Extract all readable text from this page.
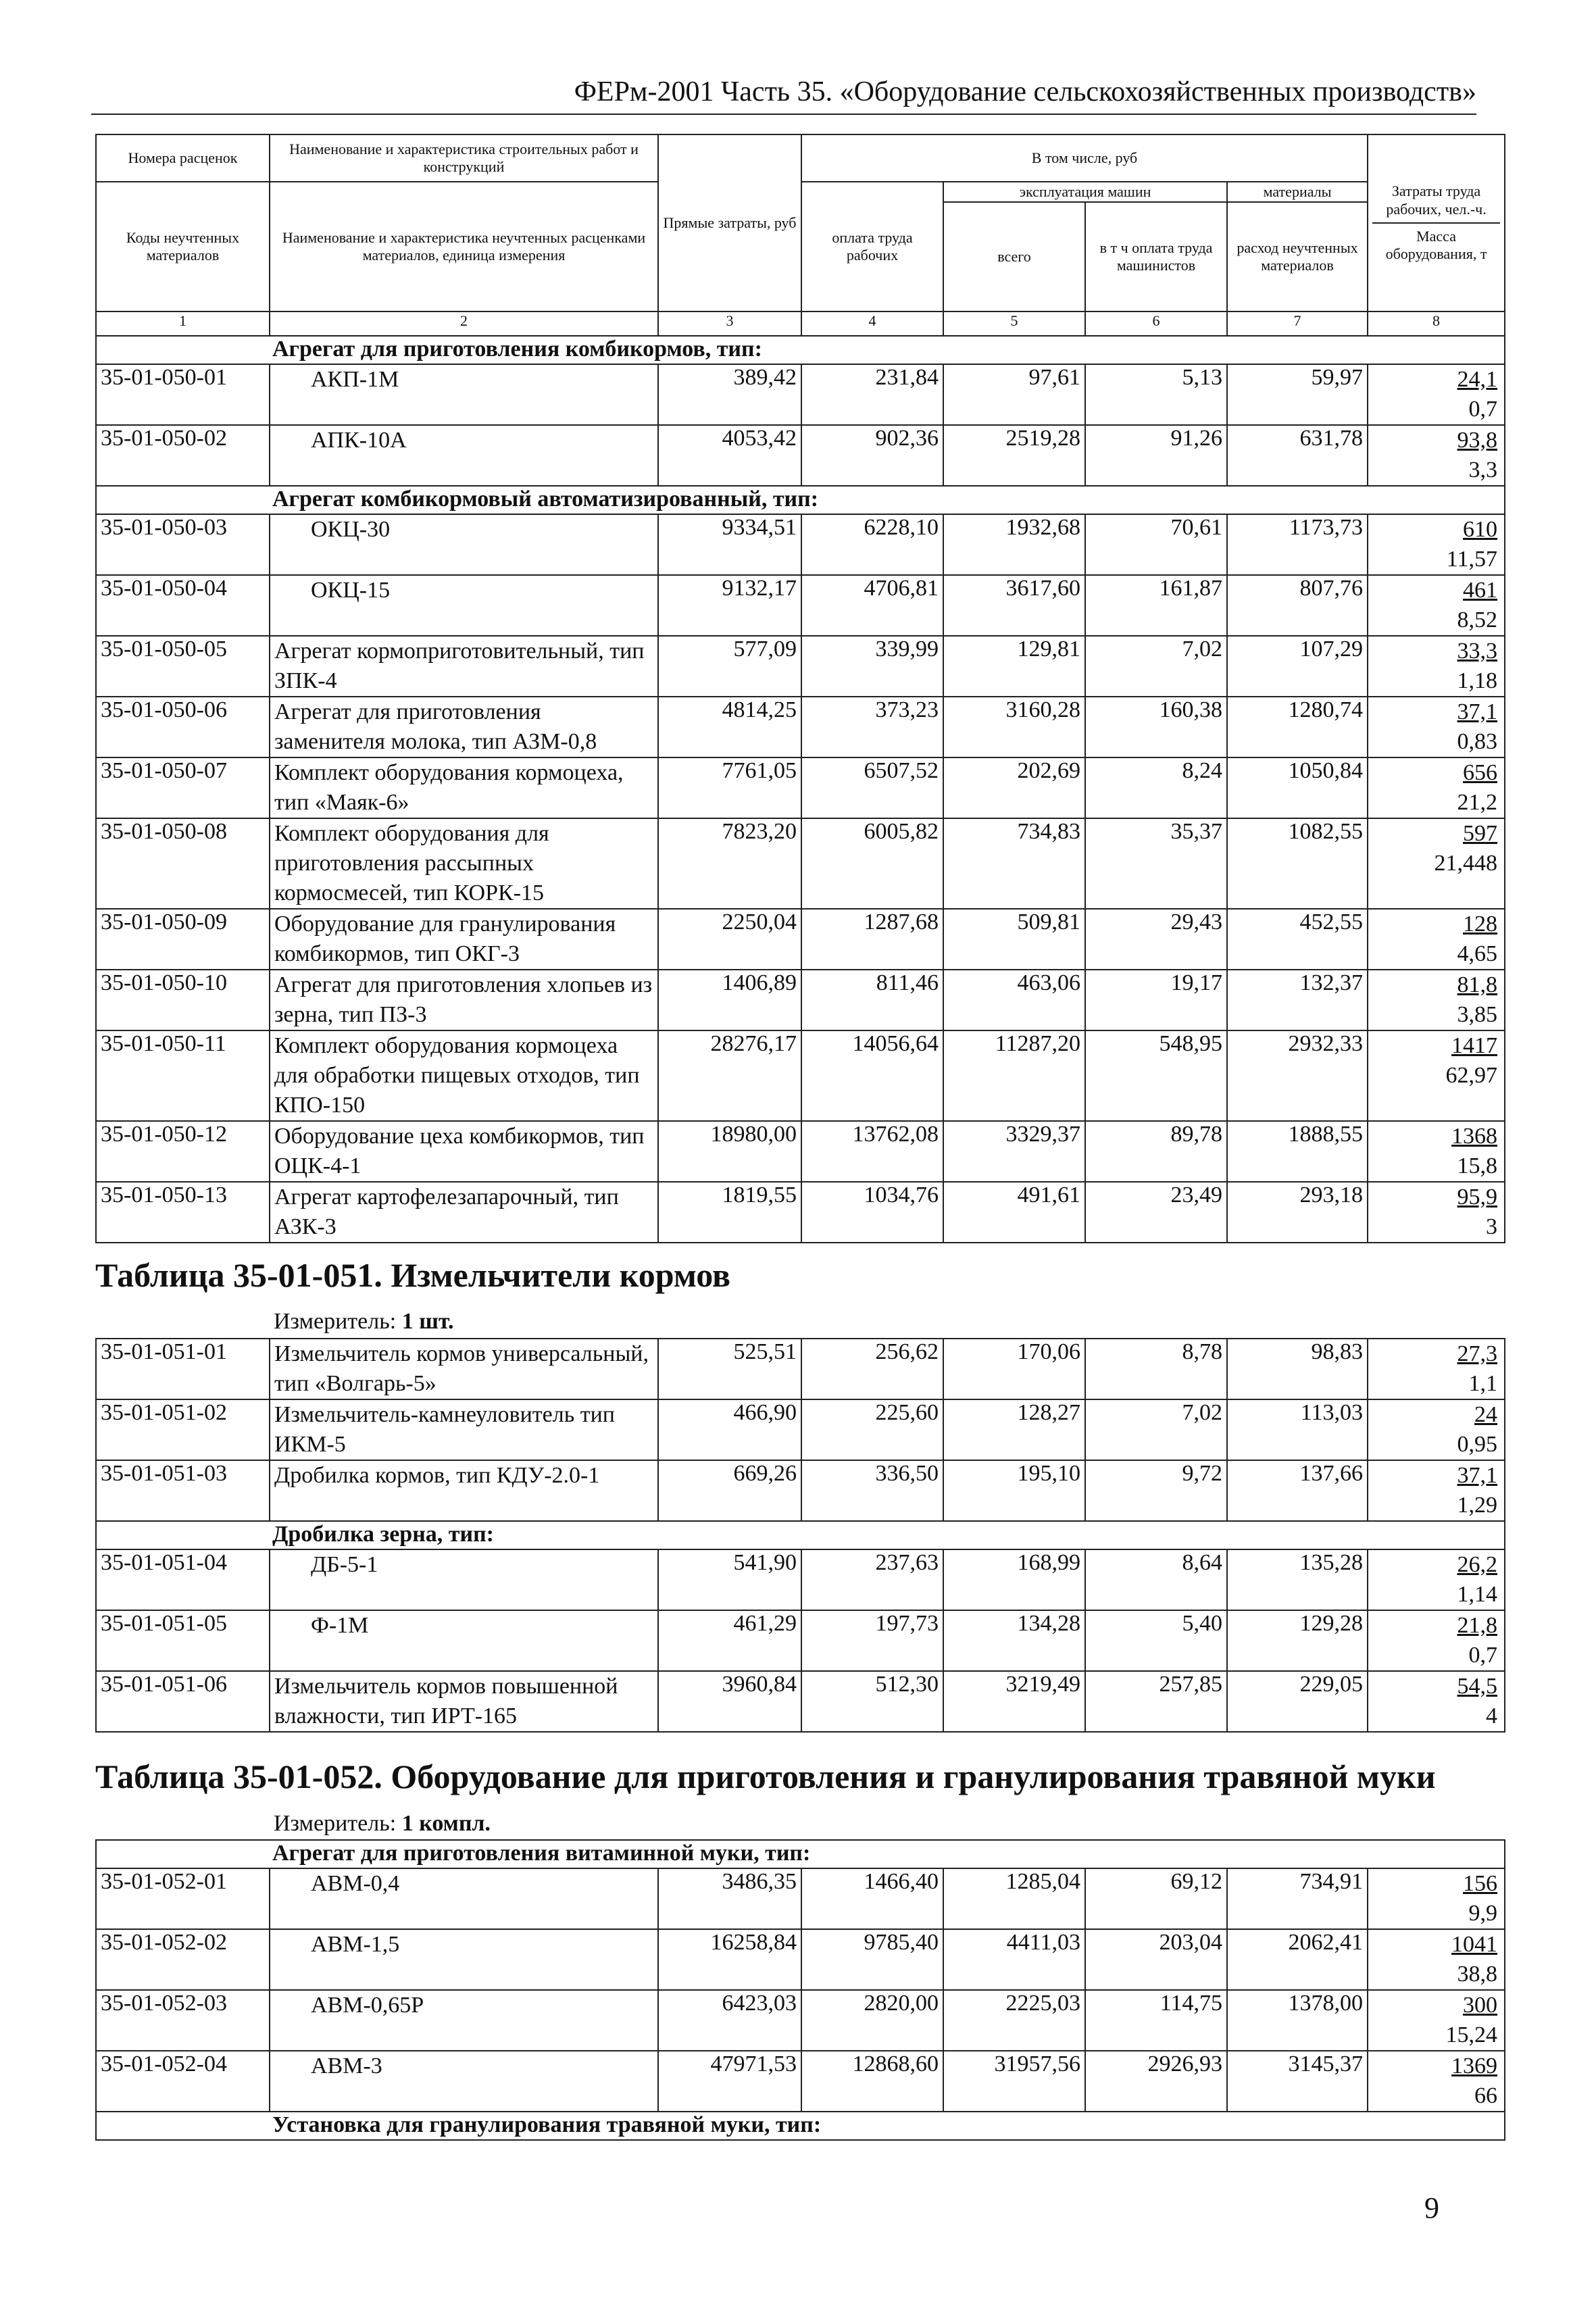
ФЕРм-2001 Часть 35. «Оборудование сельскохозяйственных производств»
Номера расценок	Наименование и характеристика строительных работ и конструкций	Прямые затраты, руб	В том числе, руб				Затраты труда рабочих, чел.-ч.
Масса оборудования, т

Коды неучтенных материалов	Наименование и характеристика неучтенных расценками материалов, единица измерения		оплата труда рабочих	эксплуатация машин		материалы	
				всего	в т ч оплата труда машинистов	расход неучтенных материалов	
1	2	3	4	5	6	7	8
	Агрегат для приготовления комбикормов, тип:						
35-01-050-01	АКП-1М	389,42	231,84	97,61	5,13	59,97	24,1
0,7

35-01-050-02	АПК-10А	4053,42	902,36	2519,28	91,26	631,78	93,8
3,3

	Агрегат комбикормовый автоматизированный, тип:						
35-01-050-03	ОКЦ-30	9334,51	6228,10	1932,68	70,61	1173,73	610
11,57

35-01-050-04	ОКЦ-15	9132,17	4706,81	3617,60	161,87	807,76	461
8,52

35-01-050-05	Агрегат кормоприготовительный, тип ЗПК-4	577,09	339,99	129,81	7,02	107,29	33,3
1,18

35-01-050-06	Агрегат для приготовления заменителя молока, тип АЗМ-0,8	4814,25	373,23	3160,28	160,38	1280,74	37,1
0,83

35-01-050-07	Комплект оборудования кормоцеха, тип «Маяк-6»	7761,05	6507,52	202,69	8,24	1050,84	656
21,2

35-01-050-08	Комплект оборудования для приготовления рассыпных кормосмесей, тип КОРК-15	7823,20	6005,82	734,83	35,37	1082,55	597
21,448

35-01-050-09	Оборудование для гранулирования комбикормов, тип ОКГ-3	2250,04	1287,68	509,81	29,43	452,55	128
4,65

35-01-050-10	Агрегат для приготовления хлопьев из зерна, тип ПЗ-3	1406,89	811,46	463,06	19,17	132,37	81,8
3,85

35-01-050-11	Комплект оборудования кормоцеха для обработки пищевых отходов, тип КПО-150	28276,17	14056,64	11287,20	548,95	2932,33	1417
62,97

35-01-050-12	Оборудование цеха комбикормов, тип ОЦК-4-1	18980,00	13762,08	3329,37	89,78	1888,55	1368
15,8

35-01-050-13	Агрегат картофелезапарочный, тип АЗК-3	1819,55	1034,76	491,61	23,49	293,18	95,9
3
Таблица 35-01-051. Измельчители кормов
Измеритель: 1 шт.
35-01-051-01	Измельчитель кормов универсальный, тип «Волгарь-5»	525,51	256,62	170,06	8,78	98,83	27,3
1,1

35-01-051-02	Измельчитель-камнеуловитель тип ИКМ-5	466,90	225,60	128,27	7,02	113,03	24
0,95

35-01-051-03	Дробилка кормов, тип КДУ-2.0-1	669,26	336,50	195,10	9,72	137,66	37,1
1,29

	Дробилка зерна, тип:						
35-01-051-04	ДБ-5-1	541,90	237,63	168,99	8,64	135,28	26,2
1,14

35-01-051-05	Ф-1М	461,29	197,73	134,28	5,40	129,28	21,8
0,7

35-01-051-06	Измельчитель кормов повышенной влажности, тип ИРТ-165	3960,84	512,30	3219,49	257,85	229,05	54,5
4
Таблица 35-01-052. Оборудование для приготовления и гранулирования травяной муки
Измеритель: 1 компл.
	Агрегат для приготовления витаминной муки, тип:						
35-01-052-01	АВМ-0,4	3486,35	1466,40	1285,04	69,12	734,91	156
9,9

35-01-052-02	АВМ-1,5	16258,84	9785,40	4411,03	203,04	2062,41	1041
38,8

35-01-052-03	АВМ-0,65Р	6423,03	2820,00	2225,03	114,75	1378,00	300
15,24

35-01-052-04	АВМ-3	47971,53	12868,60	31957,56	2926,93	3145,37	1369
66

	Установка для гранулирования травяной муки, тип:						
9
